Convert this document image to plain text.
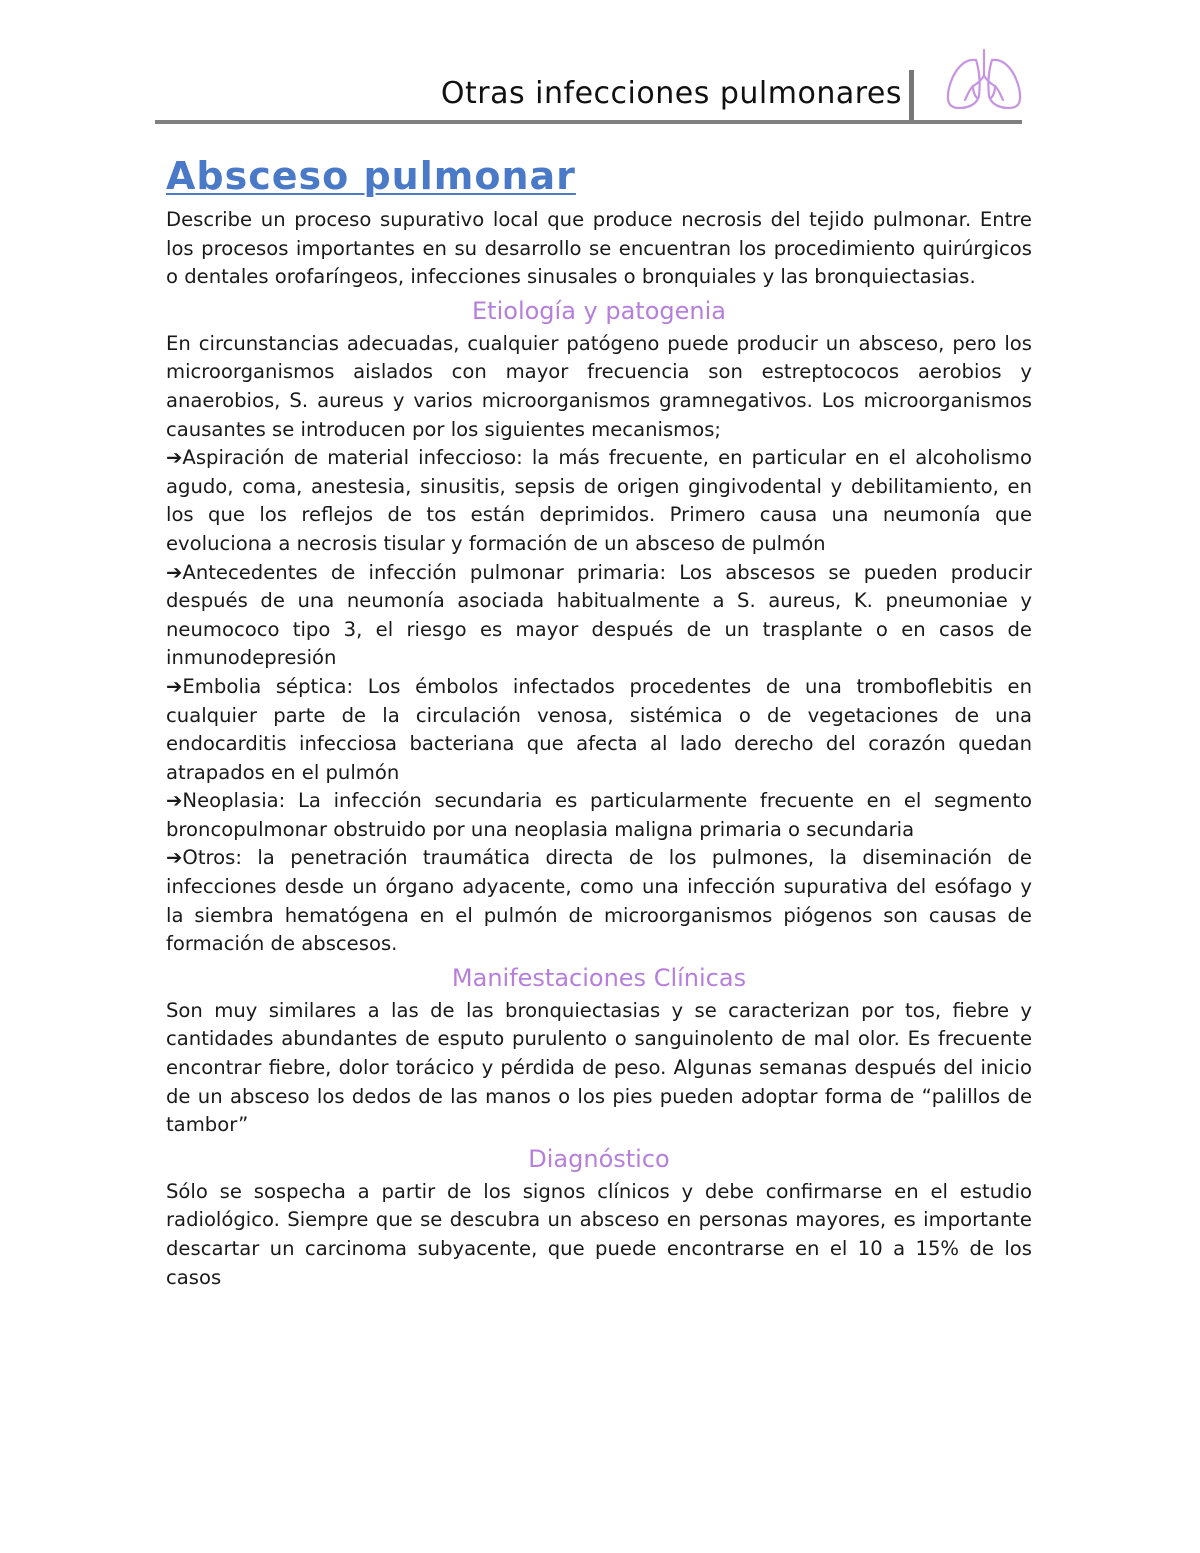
Otras infecciones pulmonares
Absceso pulmonar

Describe un proceso supurativo local que produce necrosis del tejido pulmonar. Entre los procesos importantes en su desarrollo se encuentran los procedimiento quirúrgicos o dentales orofaríngeos, infecciones sinusales o bronquiales y las bronquiectasias.

Etiología y patogenia

En circunstancias adecuadas, cualquier patógeno puede producir un absceso, pero los microorganismos aislados con mayor frecuencia son estreptococos aerobios y anaerobios, S. aureus y varios microorganismos gramnegativos. Los microorganismos causantes se introducen por los siguientes mecanismos;

➔Aspiración de material infeccioso: la más frecuente, en particular en el alcoholismo agudo, coma, anestesia, sinusitis, sepsis de origen gingivodental y debilitamiento, en los que los reflejos de tos están deprimidos. Primero causa una neumonía que evoluciona a necrosis tisular y formación de un absceso de pulmón

➔Antecedentes de infección pulmonar primaria: Los abscesos se pueden producir después de una neumonía asociada habitualmente a S. aureus, K. pneumoniae y neumococo tipo 3, el riesgo es mayor después de un trasplante o en casos de inmunodepresión

➔Embolia séptica: Los émbolos infectados procedentes de una tromboflebitis en cualquier parte de la circulación venosa, sistémica o de vegetaciones de una endocarditis infecciosa bacteriana que afecta al lado derecho del corazón quedan atrapados en el pulmón

➔Neoplasia: La infección secundaria es particularmente frecuente en el segmento broncopulmonar obstruido por una neoplasia maligna primaria o secundaria

➔Otros: la penetración traumática directa de los pulmones, la diseminación de infecciones desde un órgano adyacente, como una infección supurativa del esófago y la siembra hematógena en el pulmón de microorganismos piógenos son causas de formación de abscesos.

Manifestaciones Clínicas

Son muy similares a las de las bronquiectasias y se caracterizan por tos, fiebre y cantidades abundantes de esputo purulento o sanguinolento de mal olor. Es frecuente encontrar fiebre, dolor torácico y pérdida de peso. Algunas semanas después del inicio de un absceso los dedos de las manos o los pies pueden adoptar forma de “palillos de tambor”

Diagnóstico

Sólo se sospecha a partir de los signos clínicos y debe confirmarse en el estudio radiológico. Siempre que se descubra un absceso en personas mayores, es importante descartar un carcinoma subyacente, que puede encontrarse en el 10 a 15% de los casos
